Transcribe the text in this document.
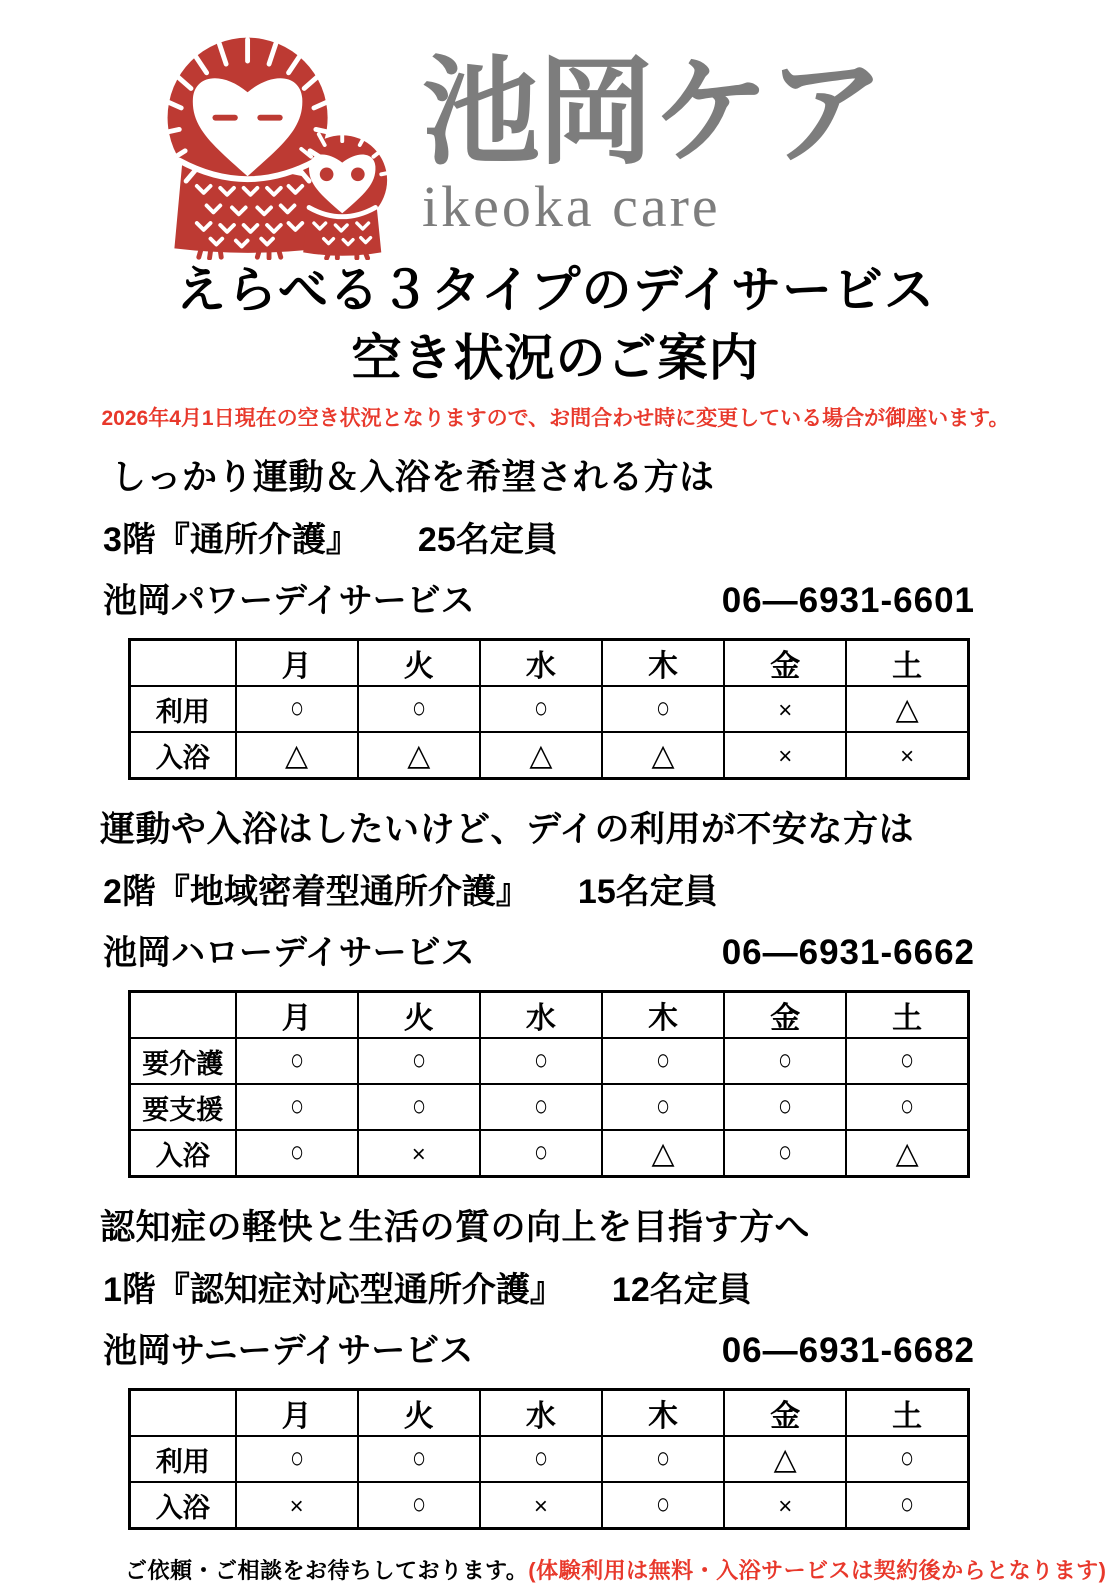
池岡ケア
ikeoka care
えらべる３タイプのデイサービス
空き状況のご案内
2026年4月1日現在の空き状況となりますので、お問合わせ時に変更している場合が御座います。
しっかり運動＆入浴を希望される方は
3階『通所介護』 25名定員
池岡パワーデイサービス	06—6931-6601
	月	火	水	木	金	土
利用	○	○	○	○	×	△
入浴	△	△	△	△	×	×
運動や入浴はしたいけど、デイの利用が不安な方は
2階『地域密着型通所介護』 15名定員
池岡ハローデイサービス	06—6931-6662
	月	火	水	木	金	土
要介護	○	○	○	○	○	○
要支援	○	○	○	○	○	○
入浴	○	×	○	△	○	△
認知症の軽快と生活の質の向上を目指す方へ
1階『認知症対応型通所介護』 12名定員
池岡サニーデイサービス	06—6931-6682
	月	火	水	木	金	土
利用	○	○	○	○	△	○
入浴	×	○	×	○	×	○
ご依頼・ご相談をお待ちしております。(体験利用は無料・入浴サービスは契約後からとなります)
